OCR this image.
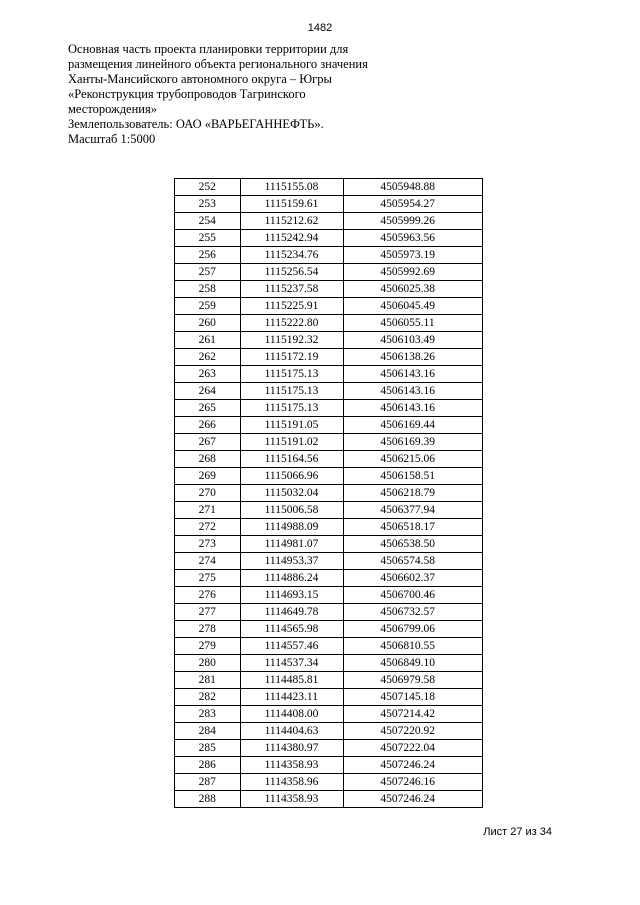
1482
Основная часть проекта планировки территории для
размещения линейного объекта регионального значения
Ханты-Мансийского автономного округа – Югры
«Реконструкция трубопроводов Тагринского
месторождения»
Землепользователь: ОАО «ВАРЬЕГАННЕФТЬ».
Масштаб 1:5000
252	1115155.08	4505948.88
253	1115159.61	4505954.27
254	1115212.62	4505999.26
255	1115242.94	4505963.56
256	1115234.76	4505973.19
257	1115256.54	4505992.69
258	1115237.58	4506025.38
259	1115225.91	4506045.49
260	1115222.80	4506055.11
261	1115192.32	4506103.49
262	1115172.19	4506138.26
263	1115175.13	4506143.16
264	1115175.13	4506143.16
265	1115175.13	4506143.16
266	1115191.05	4506169.44
267	1115191.02	4506169.39
268	1115164.56	4506215.06
269	1115066.96	4506158.51
270	1115032.04	4506218.79
271	1115006.58	4506377.94
272	1114988.09	4506518.17
273	1114981.07	4506538.50
274	1114953.37	4506574.58
275	1114886.24	4506602.37
276	1114693.15	4506700.46
277	1114649.78	4506732.57
278	1114565.98	4506799.06
279	1114557.46	4506810.55
280	1114537.34	4506849.10
281	1114485.81	4506979.58
282	1114423.11	4507145.18
283	1114408.00	4507214.42
284	1114404.63	4507220.92
285	1114380.97	4507222.04
286	1114358.93	4507246.24
287	1114358.96	4507246.16
288	1114358.93	4507246.24
Лист 27 из 34
